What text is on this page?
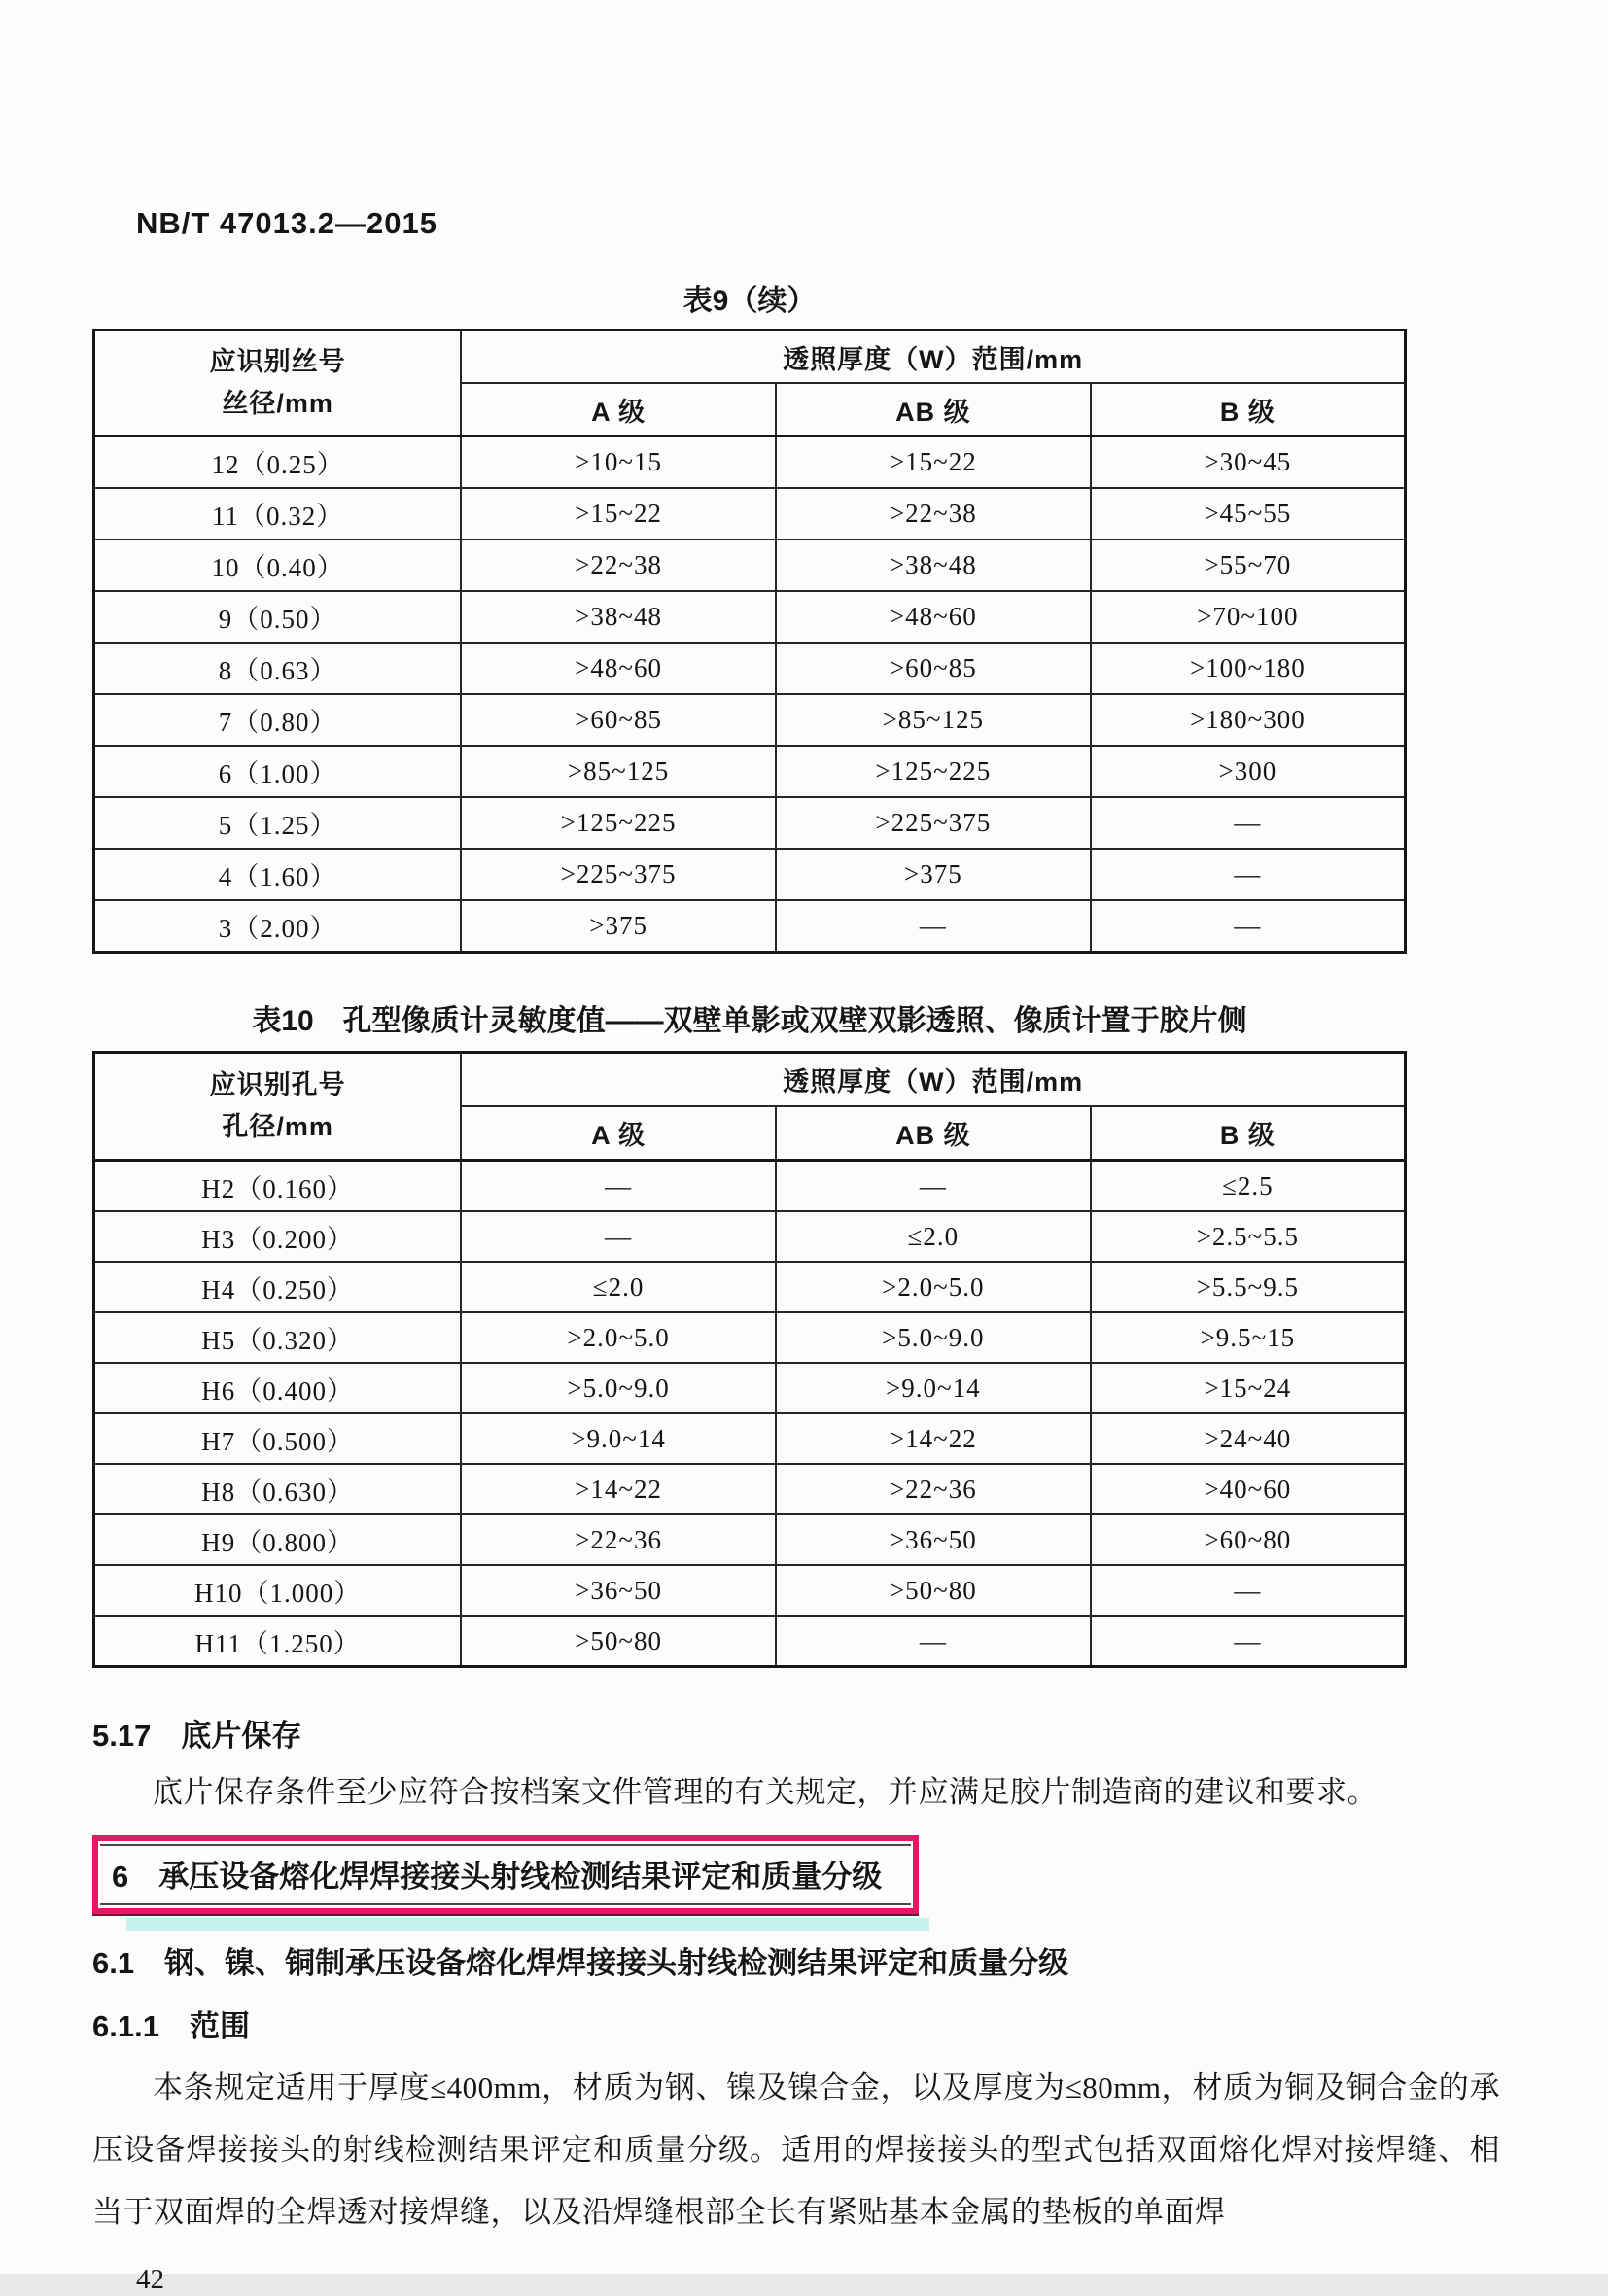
NB/T 47013.2—2015

表9（续）

应识别丝号
丝径/mm	透照厚度（W）范围/mm		
	A 级	AB 级	B 级
12（0.25）	>10~15	>15~22	>30~45
11（0.32）	>15~22	>22~38	>45~55
10（0.40）	>22~38	>38~48	>55~70
9（0.50）	>38~48	>48~60	>70~100
8（0.63）	>48~60	>60~85	>100~180
7（0.80）	>60~85	>85~125	>180~300
6（1.00）	>85~125	>125~225	>300
5（1.25）	>125~225	>225~375	—
4（1.60）	>225~375	>375	—
3（2.00）	>375	—	—

表10　孔型像质计灵敏度值——双壁单影或双壁双影透照、像质计置于胶片侧

应识别孔号
孔径/mm	透照厚度（W）范围/mm		
	A 级	AB 级	B 级
H2（0.160）	—	—	≤2.5
H3（0.200）	—	≤2.0	>2.5~5.5
H4（0.250）	≤2.0	>2.0~5.0	>5.5~9.5
H5（0.320）	>2.0~5.0	>5.0~9.0	>9.5~15
H6（0.400）	>5.0~9.0	>9.0~14	>15~24
H7（0.500）	>9.0~14	>14~22	>24~40
H8（0.630）	>14~22	>22~36	>40~60
H9（0.800）	>22~36	>36~50	>60~80
H10（1.000）	>36~50	>50~80	—
H11（1.250）	>50~80	—	—

5.17　底片保存

底片保存条件至少应符合按档案文件管理的有关规定，并应满足胶片制造商的建议和要求。

6　承压设备熔化焊焊接接头射线检测结果评定和质量分级

6.1　钢、镍、铜制承压设备熔化焊焊接接头射线检测结果评定和质量分级

6.1.1　范围

本条规定适用于厚度≤400mm，材质为钢、镍及镍合金，以及厚度为≤80mm，材质为铜及铜合金的承压设备焊接接头的射线检测结果评定和质量分级。适用的焊接接头的型式包括双面熔化焊对接焊缝、相当于双面焊的全焊透对接焊缝，以及沿焊缝根部全长有紧贴基本金属的垫板的单面焊

42
